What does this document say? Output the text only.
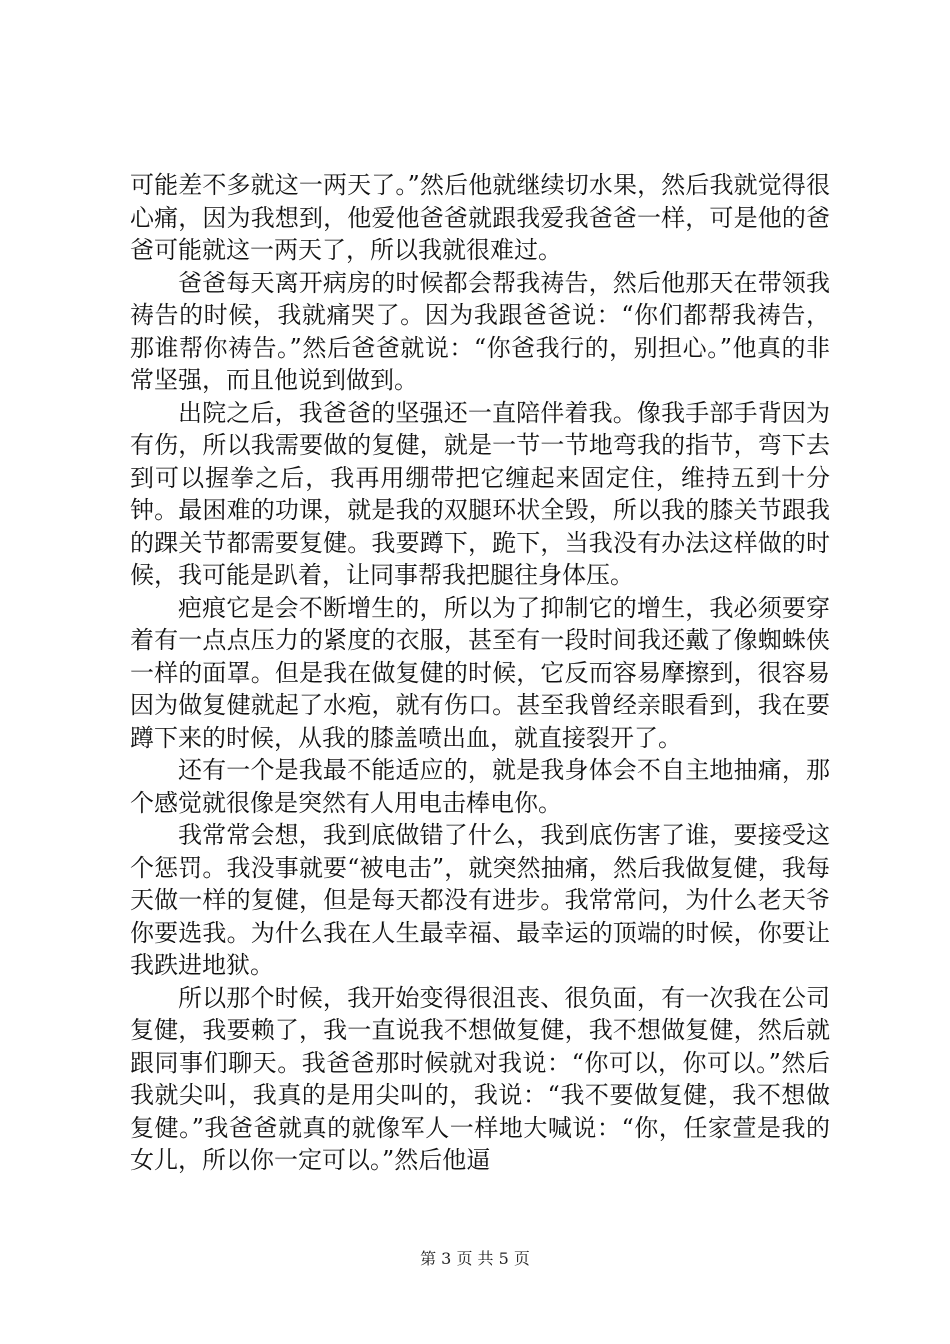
可能差不多就这一两天了。”然后他就继续切水果，然后我就觉得很心痛，因为我想到，他爱他爸爸就跟我爱我爸爸一样，可是他的爸爸可能就这一两天了，所以我就很难过。

爸爸每天离开病房的时候都会帮我祷告，然后他那天在带领我祷告的时候，我就痛哭了。因为我跟爸爸说：“你们都帮我祷告，那谁帮你祷告。”然后爸爸就说：“你爸我行的，别担心。”他真的非常坚强，而且他说到做到。

出院之后，我爸爸的坚强还一直陪伴着我。像我手部手背因为有伤，所以我需要做的复健，就是一节一节地弯我的指节，弯下去到可以握拳之后，我再用绷带把它缠起来固定住，维持五到十分钟。最困难的功课，就是我的双腿环状全毁，所以我的膝关节跟我的踝关节都需要复健。我要蹲下，跪下，当我没有办法这样做的时候，我可能是趴着，让同事帮我把腿往身体压。

疤痕它是会不断增生的，所以为了抑制它的增生，我必须要穿着有一点点压力的紧度的衣服，甚至有一段时间我还戴了像蜘蛛侠一样的面罩。但是我在做复健的时候，它反而容易摩擦到，很容易因为做复健就起了水疱，就有伤口。甚至我曾经亲眼看到，我在要蹲下来的时候，从我的膝盖喷出血，就直接裂开了。

还有一个是我最不能适应的，就是我身体会不自主地抽痛，那个感觉就很像是突然有人用电击棒电你。

我常常会想，我到底做错了什么，我到底伤害了谁，要接受这个惩罚。我没事就要“被电击”，就突然抽痛，然后我做复健，我每天做一样的复健，但是每天都没有进步。我常常问，为什么老天爷你要选我。为什么我在人生最幸福、最幸运的顶端的时候，你要让我跌进地狱。

所以那个时候，我开始变得很沮丧、很负面，有一次我在公司复健，我要赖了，我一直说我不想做复健，我不想做复健，然后就跟同事们聊天。我爸爸那时候就对我说：“你可以，你可以。”然后我就尖叫，我真的是用尖叫的，我说：“我不要做复健，我不想做复健。”我爸爸就真的就像军人一样地大喊说：“你，任家萱是我的女儿，所以你一定可以。”然后他逼

第 3 页 共 5 页
